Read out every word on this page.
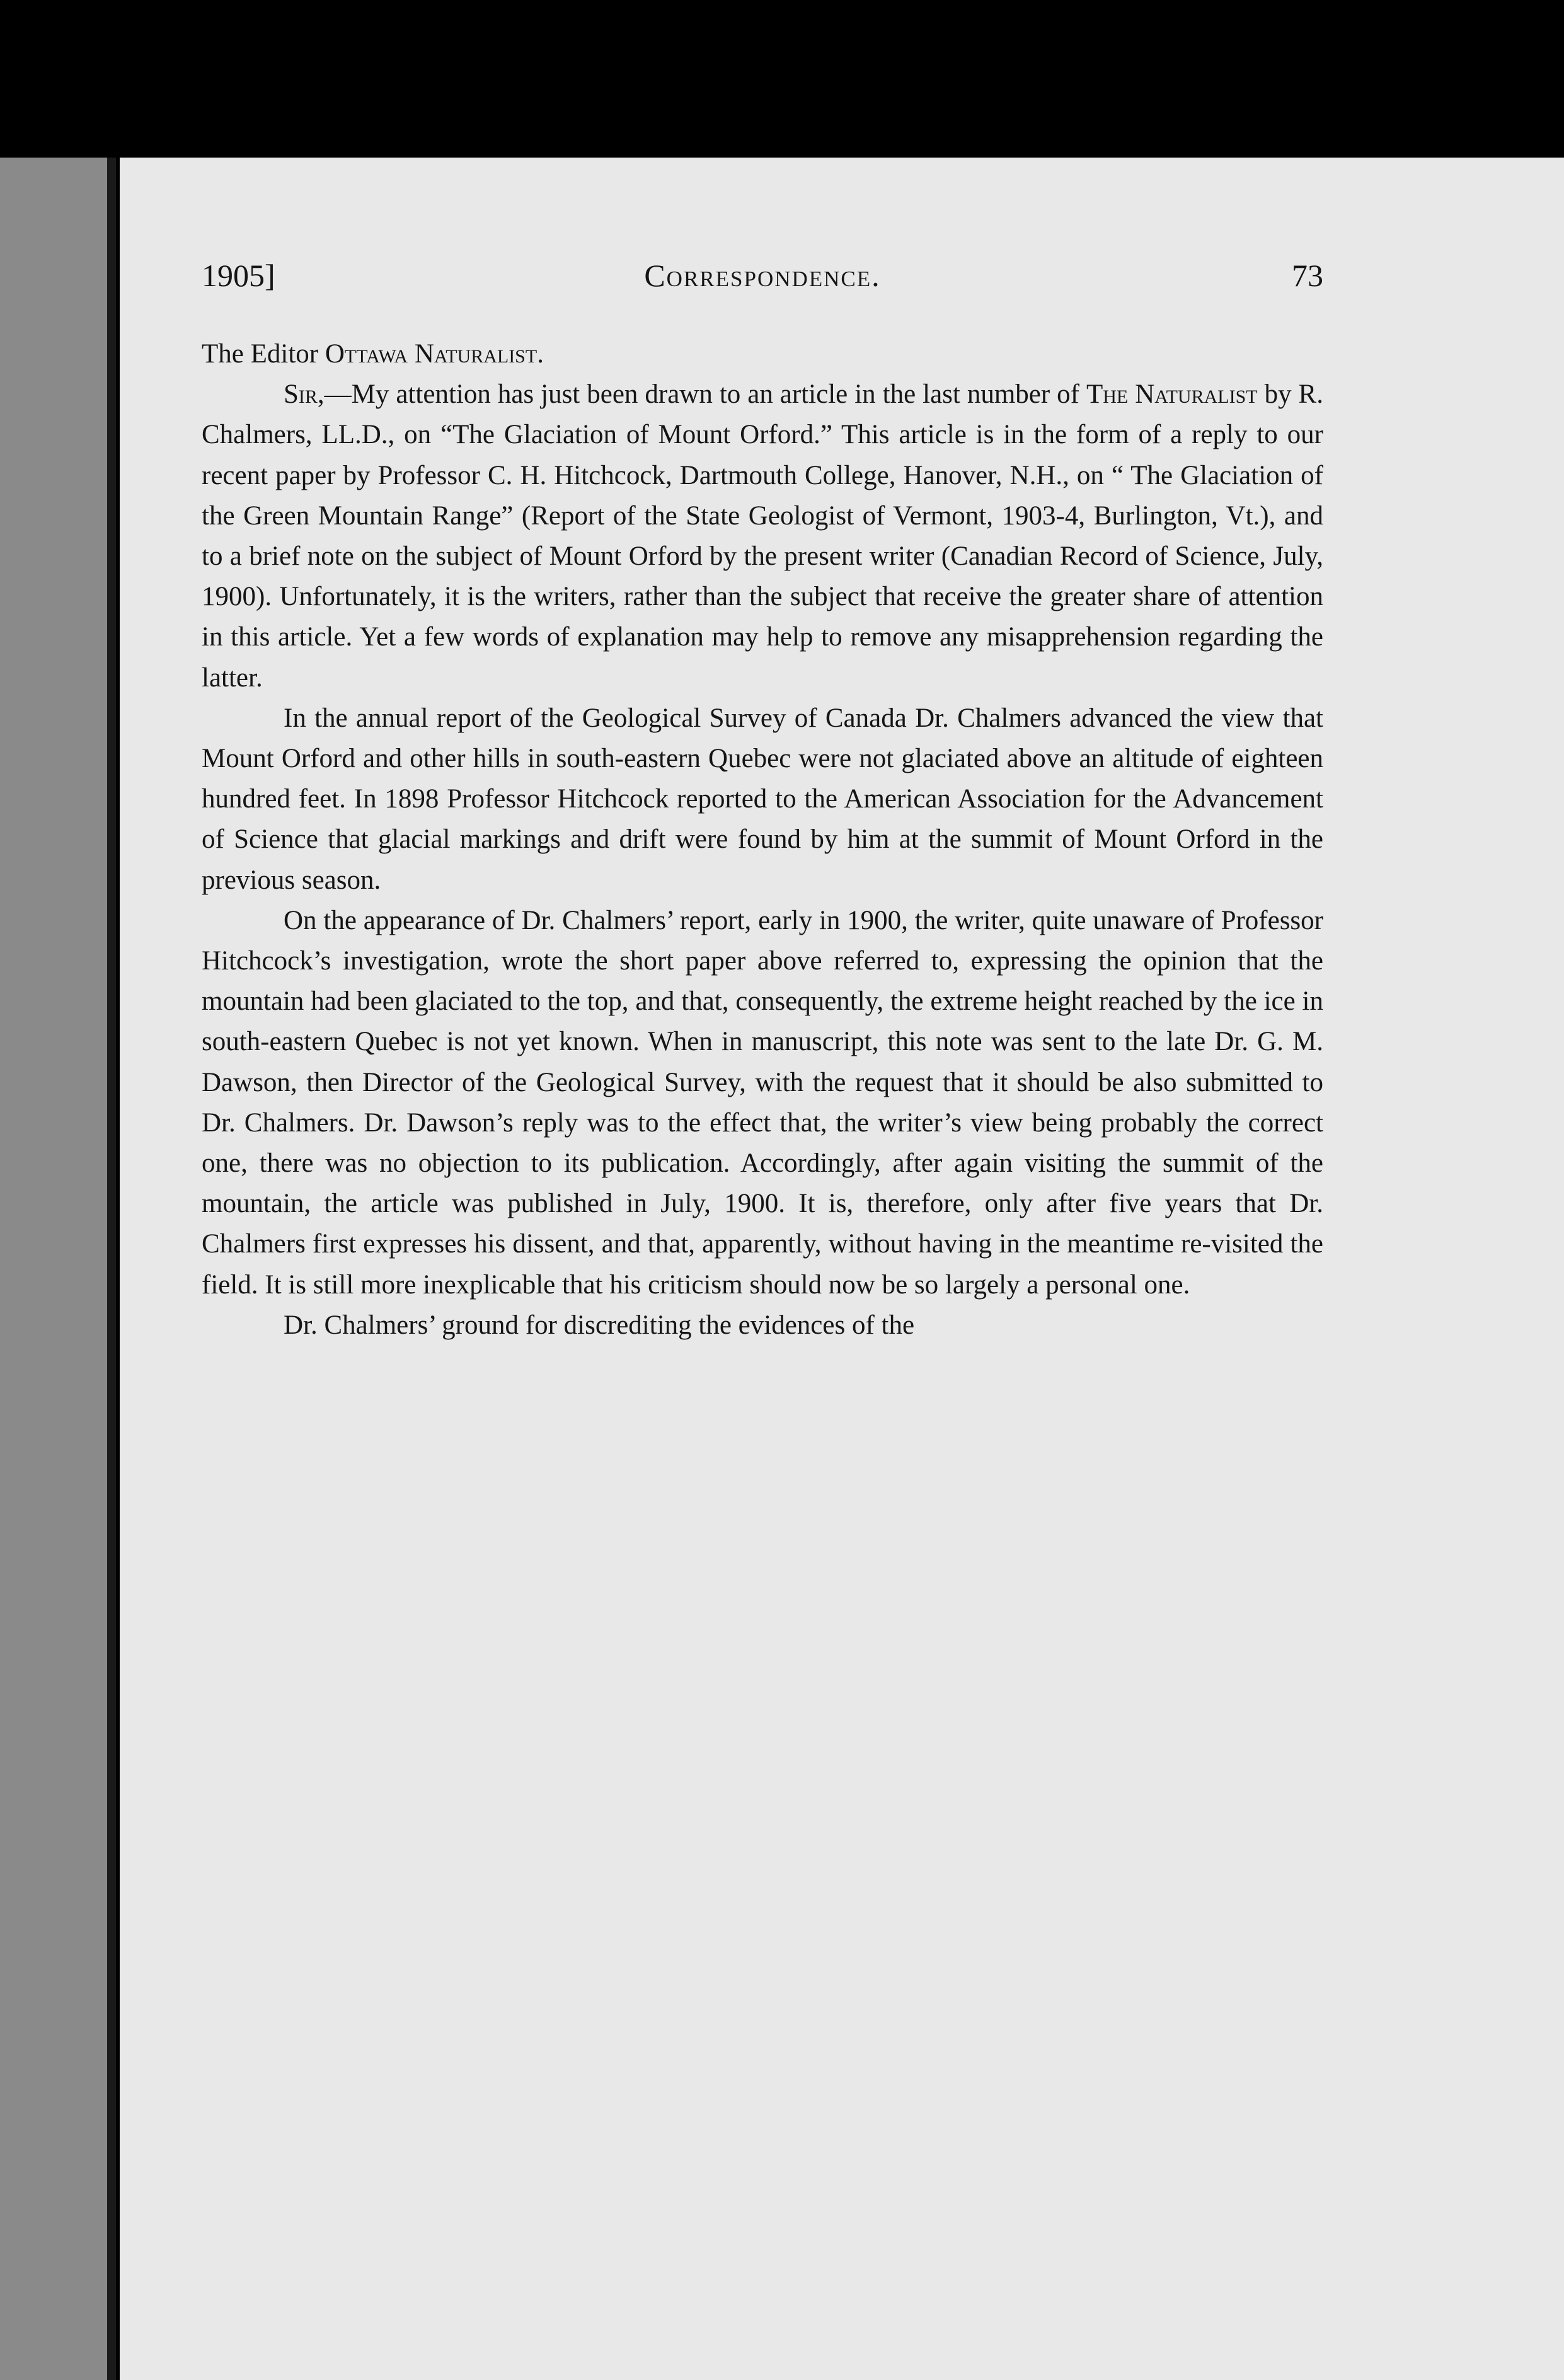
1905]	Correspondence.	73

The Editor Ottawa Naturalist.

Sir,—My attention has just been drawn to an article in the last number of The Naturalist by R. Chalmers, LL.D., on “The Glaciation of Mount Orford.” This article is in the form of a reply to our recent paper by Professor C. H. Hitchcock, Dartmouth College, Hanover, N.H., on “ The Glaciation of the Green Mountain Range” (Report of the State Geologist of Vermont, 1903-4, Burlington, Vt.), and to a brief note on the subject of Mount Orford by the present writer (Canadian Record of Science, July, 1900). Unfortunately, it is the writers, rather than the subject that receive the greater share of attention in this article. Yet a few words of explanation may help to remove any misapprehension regarding the latter.

In the annual report of the Geological Survey of Canada Dr. Chalmers advanced the view that Mount Orford and other hills in south-eastern Quebec were not glaciated above an altitude of eighteen hundred feet. In 1898 Professor Hitchcock reported to the American Association for the Advancement of Science that glacial markings and drift were found by him at the summit of Mount Orford in the previous season.

On the appearance of Dr. Chalmers’ report, early in 1900, the writer, quite unaware of Professor Hitchcock’s investigation, wrote the short paper above referred to, expressing the opinion that the mountain had been glaciated to the top, and that, consequently, the extreme height reached by the ice in south-eastern Quebec is not yet known. When in manuscript, this note was sent to the late Dr. G. M. Dawson, then Director of the Geological Survey, with the request that it should be also submitted to Dr. Chalmers. Dr. Dawson’s reply was to the effect that, the writer’s view being probably the correct one, there was no objection to its publication. Accordingly, after again visiting the summit of the mountain, the article was published in July, 1900. It is, therefore, only after five years that Dr. Chalmers first expresses his dissent, and that, apparently, without having in the meantime re-visited the field. It is still more inexplicable that his criticism should now be so largely a personal one.

Dr. Chalmers’ ground for discrediting the evidences of the
